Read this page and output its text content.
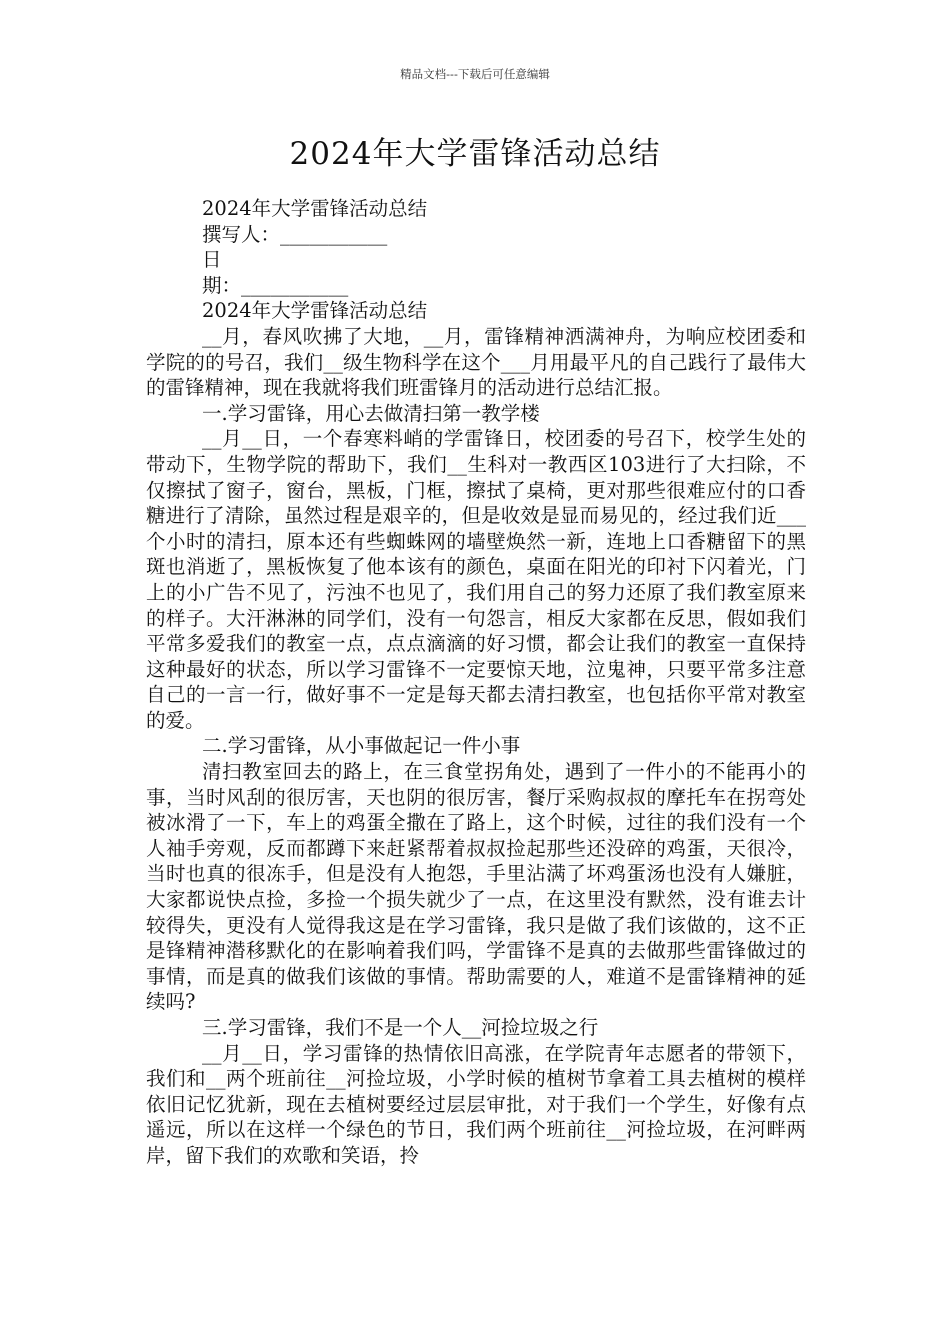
精品文档---下载后可任意编辑
2024年大学雷锋活动总结
2024年大学雷锋活动总结
撰写人：___________
日
期：___________
2024年大学雷锋活动总结

__月，春风吹拂了大地，__月，雷锋精神洒满神舟，为响应校团委和学院的的号召，我们__级生物科学在这个___月用最平凡的自己践行了最伟大的雷锋精神，现在我就将我们班雷锋月的活动进行总结汇报。

一.学习雷锋，用心去做清扫第一教学楼

__月__日，一个春寒料峭的学雷锋日，校团委的号召下，校学生处的带动下，生物学院的帮助下，我们__生科对一教西区103进行了大扫除，不仅擦拭了窗子，窗台，黑板，门框，擦拭了桌椅，更对那些很难应付的口香糖进行了清除，虽然过程是艰辛的，但是收效是显而易见的，经过我们近___个小时的清扫，原本还有些蜘蛛网的墙壁焕然一新，连地上口香糖留下的黑斑也消逝了，黑板恢复了他本该有的颜色，桌面在阳光的印衬下闪着光，门上的小广告不见了，污浊不也见了，我们用自己的努力还原了我们教室原来的样子。大汗淋淋的同学们，没有一句怨言，相反大家都在反思，假如我们平常多爱我们的教室一点，点点滴滴的好习惯，都会让我们的教室一直保持这种最好的状态，所以学习雷锋不一定要惊天地，泣鬼神，只要平常多注意自己的一言一行，做好事不一定是每天都去清扫教室，也包括你平常对教室的爱。

二.学习雷锋，从小事做起记一件小事

清扫教室回去的路上，在三食堂拐角处，遇到了一件小的不能再小的事，当时风刮的很厉害，天也阴的很厉害，餐厅采购叔叔的摩托车在拐弯处被冰滑了一下，车上的鸡蛋全撒在了路上，这个时候，过往的我们没有一个人袖手旁观，反而都蹲下来赶紧帮着叔叔捡起那些还没碎的鸡蛋，天很冷，当时也真的很冻手，但是没有人抱怨，手里沾满了坏鸡蛋汤也没有人嫌脏，大家都说快点捡，多捡一个损失就少了一点，在这里没有默然，没有谁去计较得失，更没有人觉得我这是在学习雷锋，我只是做了我们该做的，这不正是锋精神潜移默化的在影响着我们吗，学雷锋不是真的去做那些雷锋做过的事情，而是真的做我们该做的事情。帮助需要的人，难道不是雷锋精神的延续吗?

三.学习雷锋，我们不是一个人__河捡垃圾之行

__月__日，学习雷锋的热情依旧高涨，在学院青年志愿者的带领下，我们和__两个班前往__河捡垃圾，小学时候的植树节拿着工具去植树的模样依旧记忆犹新，现在去植树要经过层层审批，对于我们一个学生，好像有点遥远，所以在这样一个绿色的节日，我们两个班前往__河捡垃圾，在河畔两岸，留下我们的欢歌和笑语，拎
